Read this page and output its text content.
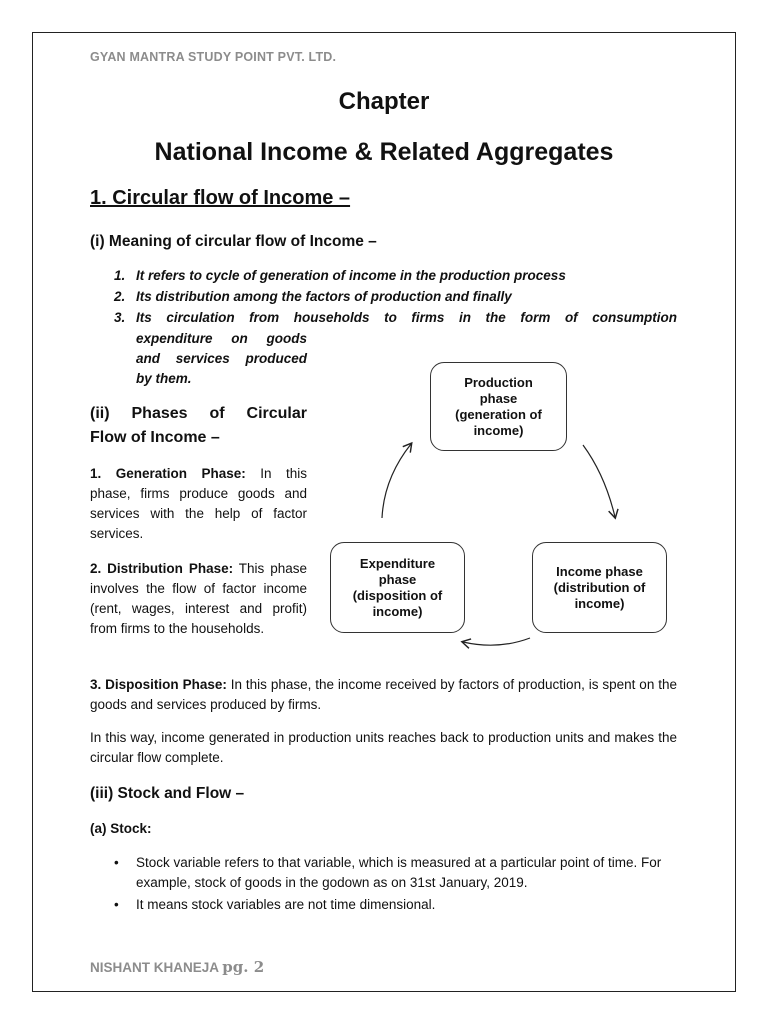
GYAN MANTRA STUDY POINT PVT. LTD.
Chapter
National Income & Related Aggregates
1. Circular flow of Income –
(i) Meaning of circular flow of Income –
1. It refers to cycle of generation of income in the production process
2. Its distribution among the factors of production and finally
3. Its circulation from households to firms in the form of consumption
expenditure on goods
and services produced
by them.
(ii) Phases of Circular
Flow of Income –
1. Generation Phase: In this phase, firms produce goods and services with the help of factor services.
2. Distribution Phase: This phase involves the flow of factor income (rent, wages, interest and profit) from firms to the households.
Production
phase
(generation of
income)
Income phase
(distribution of
income)
Expenditure
phase
(disposition of
income)
3. Disposition Phase: In this phase, the income received by factors of production, is spent on the goods and services produced by firms.
In this way, income generated in production units reaches back to production units and makes the circular flow complete.
(iii) Stock and Flow –
(a) Stock:
• Stock variable refers to that variable, which is measured at a particular point of time. For example, stock of goods in the godown as on 31st January, 2019.
• It means stock variables are not time dimensional.
NISHANT KHANEJA pg. 2
